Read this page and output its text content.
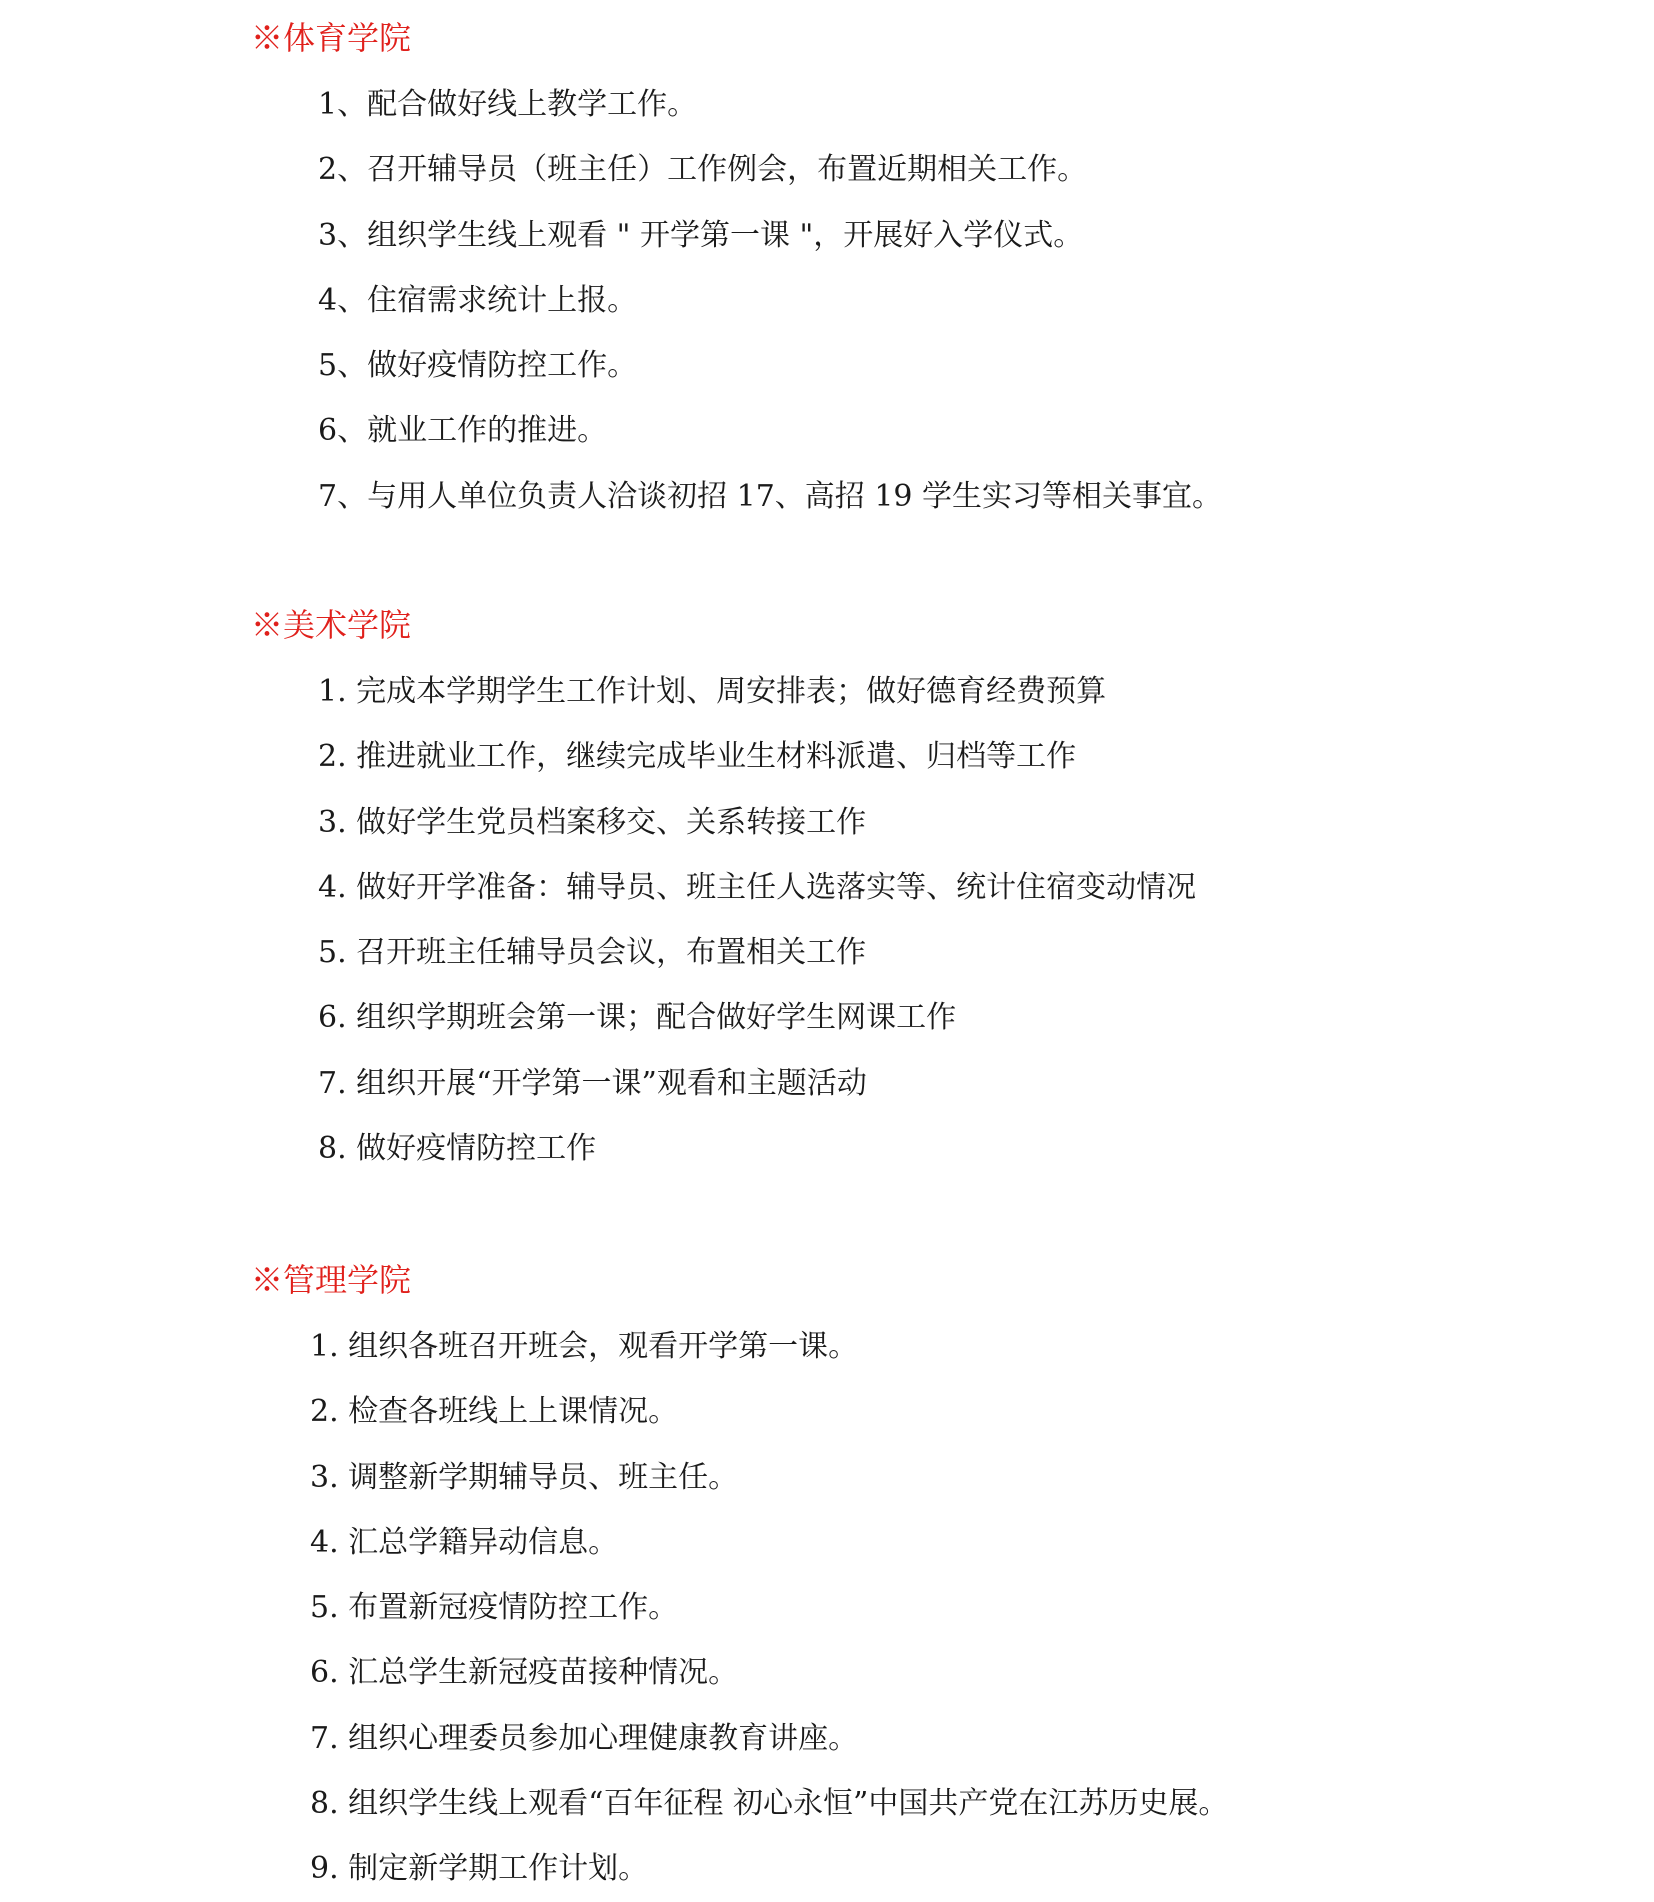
※体育学院
1、配合做好线上教学工作。
2、召开辅导员（班主任）工作例会，布置近期相关工作。
3、组织学生线上观看 " 开学第一课 "，开展好入学仪式。
4、住宿需求统计上报。
5、做好疫情防控工作。
6、就业工作的推进。
7、与用人单位负责人洽谈初招 17、高招 19 学生实习等相关事宜。
※美术学院
1. 完成本学期学生工作计划、周安排表；做好德育经费预算
2. 推进就业工作，继续完成毕业生材料派遣、归档等工作
3. 做好学生党员档案移交、关系转接工作
4. 做好开学准备：辅导员、班主任人选落实等、统计住宿变动情况
5. 召开班主任辅导员会议，布置相关工作
6. 组织学期班会第一课；配合做好学生网课工作
7. 组织开展“开学第一课”观看和主题活动
8. 做好疫情防控工作
※管理学院
1. 组织各班召开班会，观看开学第一课。
2. 检查各班线上上课情况。
3. 调整新学期辅导员、班主任。
4. 汇总学籍异动信息。
5. 布置新冠疫情防控工作。
6. 汇总学生新冠疫苗接种情况。
7. 组织心理委员参加心理健康教育讲座。
8. 组织学生线上观看“百年征程 初心永恒”中国共产党在江苏历史展。
9. 制定新学期工作计划。
